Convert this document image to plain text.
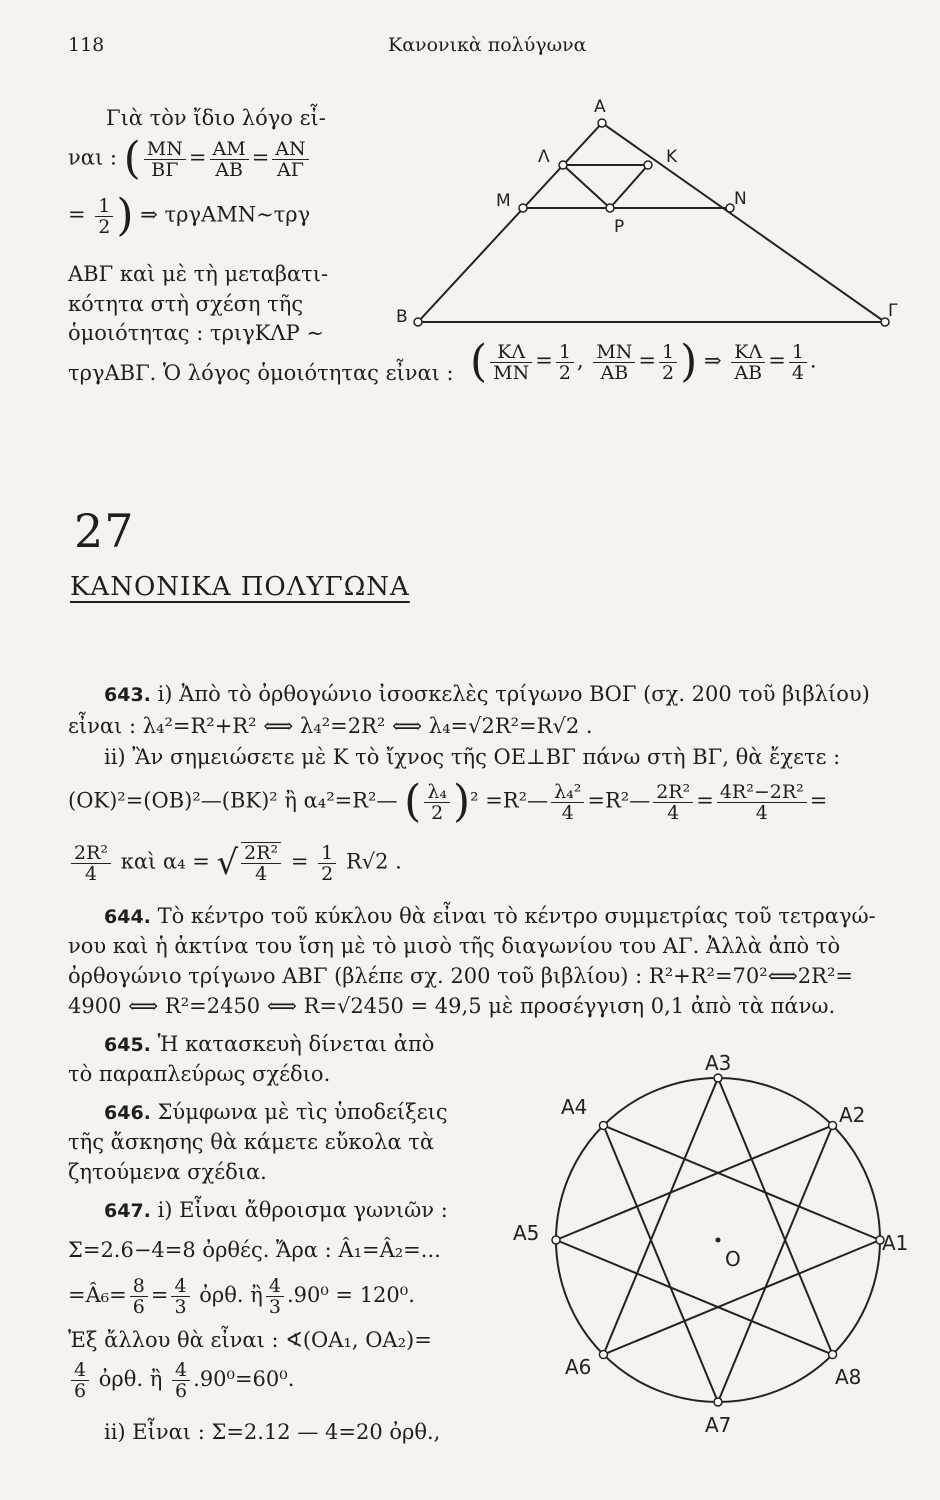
118	Κανονικὰ πολύγωνα
Γιὰ τὸν ἴδιο λόγο εἶ-
ναι : ( $\frac{MN}{B\Gamma} = \frac{AM}{AB} = \frac{AN}{A\Gamma}$
= $\frac{1}{2}$ ) ⇒ τργΑΜΝ∼τργ
ΑΒΓ καὶ μὲ τὴ μεταβατι-
κότητα στὴ σχέση τῆς
ὁμοιότητας : τριγΚΛΡ ∼
τργΑΒΓ. Ὁ λόγος ὁμοιότητας εἶναι : ( $\frac{K\Lambda}{MN} = \frac{1}{2}$ , $\frac{MN}{AB} = \frac{1}{2}$ ) ⇒ $\frac{K\Lambda}{AB} = \frac{1}{4}$ .
Α
Λ	Κ
Μ	Ν
Ρ
Β	Γ
27
ΚΑΝΟΝΙΚΑ ΠΟΛΥΓΩΝΑ
643. i) Ἀπὸ τὸ ὀρθογώνιο ἰσοσκελὲς τρίγωνο ΒΟΓ (σχ. 200 τοῦ βιβλίου)
εἶναι : λ₄²=R²+R² ⟺ λ₄²=2R² ⟺ λ₄=√2R²=R√2 .
ii) Ἂν σημειώσετε μὲ Κ τὸ ἴχνος τῆς ΟΕ⊥ΒΓ πάνω στὴ ΒΓ, θὰ ἔχετε :
(ΟΚ)²=(ΟΒ)²—(ΒΚ)² ἢ α₄²=R²— ( $\frac{\text{λ₄}}{2} )^2$ =R²— $\frac{\text{λ₄²}}{4}$ =R²— $\frac{\text{2R²}}{4} = \frac{\text{4R²−2R²}}{4}$ =
$\frac{\text{2R²}}{4}$ καὶ α₄ = √ $\frac{\text{2R²}}{4} = \frac{1}{2} R√2$ .
644. Τὸ κέντρο τοῦ κύκλου θὰ εἶναι τὸ κέντρο συμμετρίας τοῦ τετραγώ-
νου καὶ ἡ ἀκτίνα του ἴση μὲ τὸ μισὸ τῆς διαγωνίου του ΑΓ. Ἀλλὰ ἀπὸ τὸ
ὀρθογώνιο τρίγωνο ΑΒΓ (βλέπε σχ. 200 τοῦ βιβλίου) : R²+R²=70²⟺2R²=
4900 ⟺ R²=2450 ⟺ R=√2450 = 49,5 μὲ προσέγγιση 0,1 ἀπὸ τὰ πάνω.
645. Ἡ κατασκευὴ δίνεται ἀπὸ
τὸ παραπλεύρως σχέδιο.
646. Σύμφωνα μὲ τὶς ὑποδείξεις
τῆς ἄσκησης θὰ κάμετε εὔκολα τὰ
ζητούμενα σχέδια.
647. i) Εἶναι ἄθροισμα γωνιῶν :
Σ=2.6−4=8 ὀρθές. Ἄρα : Â₁=Â₂=...
=Â₆= $\frac{8}{6} = \frac{4}{3}$ ὀρθ. ἢ $\frac{4}{3} .90^0 = 120^0$.
Ἐξ ἄλλου θὰ εἶναι : ∢(ΟΑ₁, ΟΑ₂)=
$\frac{4}{6}$ ὀρθ. ἢ $\frac{4}{6} .90^0=60^0$.
ii) Εἶναι : Σ=2.12 — 4=20 ὀρθ.,
A3
A2
A4
A5	A1
O
A6	A8
A7
